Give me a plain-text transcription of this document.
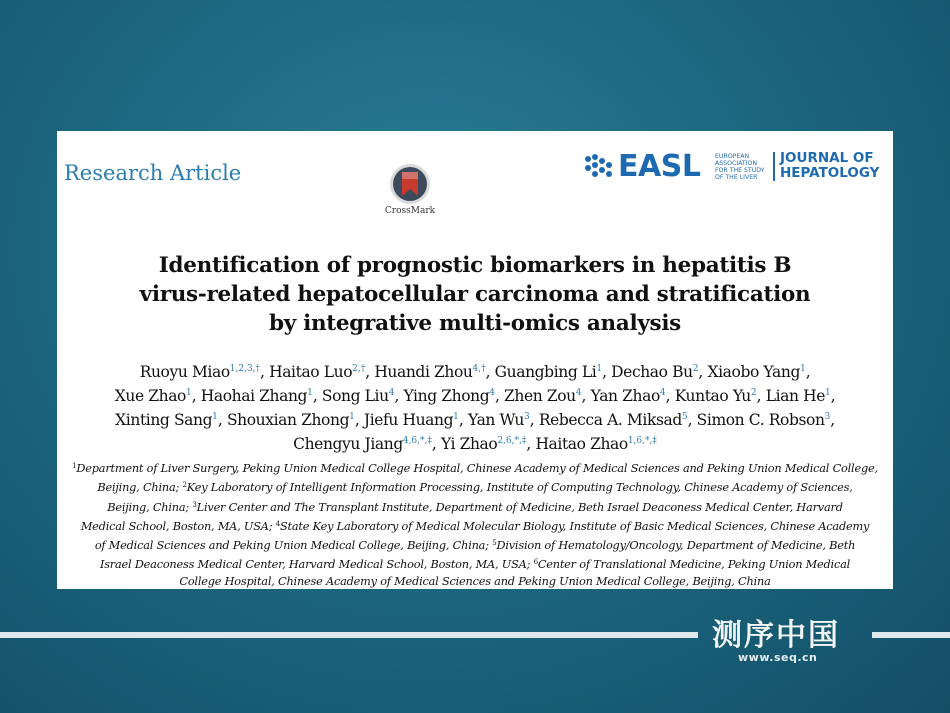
Research Article
CrossMark
EASL EUROPEAN
ASSOCIATION
FOR THE STUDY
OF THE LIVER
JOURNAL OF
HEPATOLOGY
Identification of prognostic biomarkers in hepatitis B
virus-related hepatocellular carcinoma and stratification
by integrative multi-omics analysis
Ruoyu Miao$^{1,2,3,\dagger}$, Haitao Luo$^{2,\dagger}$, Huandi Zhou$^{4,\dagger}$, Guangbing Li$^1$, Dechao Bu$^2$, Xiaobo Yang$^1$,
Xue Zhao$^1$, Haohai Zhang$^1$, Song Liu$^4$, Ying Zhong$^4$, Zhen Zou$^4$, Yan Zhao$^4$, Kuntao Yu$^2$, Lian He$^1$,
Xinting Sang$^1$, Shouxian Zhong$^1$, Jiefu Huang$^1$, Yan Wu$^3$, Rebecca A. Miksad$^5$, Simon C. Robson$^3$,
Chengyu Jiang$^{4,6,*,\ddagger}$, Yi Zhao$^{2,6,*,\ddagger}$, Haitao Zhao$^{1,6,*,\ddagger}$
$^1$Department of Liver Surgery, Peking Union Medical College Hospital, Chinese Academy of Medical Sciences and Peking Union Medical College,
Beijing, China; $^2$Key Laboratory of Intelligent Information Processing, Institute of Computing Technology, Chinese Academy of Sciences,
Beijing, China; $^3$Liver Center and The Transplant Institute, Department of Medicine, Beth Israel Deaconess Medical Center, Harvard
Medical School, Boston, MA, USA; $^4$State Key Laboratory of Medical Molecular Biology, Institute of Basic Medical Sciences, Chinese Academy
of Medical Sciences and Peking Union Medical College, Beijing, China; $^5$Division of Hematology/Oncology, Department of Medicine, Beth
Israel Deaconess Medical Center, Harvard Medical School, Boston, MA, USA; $^6$Center of Translational Medicine, Peking Union Medical
College Hospital, Chinese Academy of Medical Sciences and Peking Union Medical College, Beijing, China
测序中国
www.seq.cn
